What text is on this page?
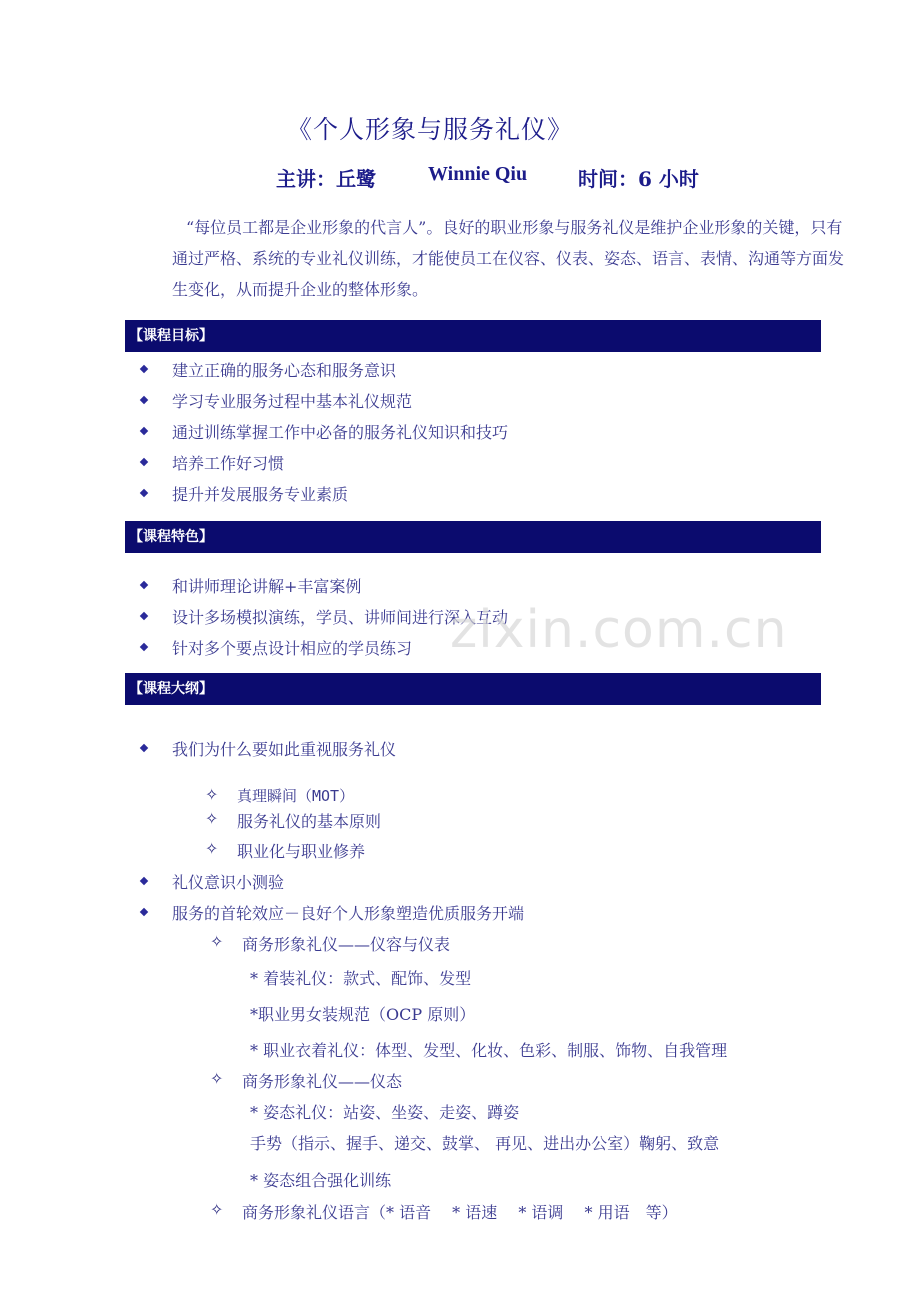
《个人形象与服务礼仪》
主讲：丘鹭	Winnie Qiu	时间：6 小时

“每位员工都是企业形象的代言人”。良好的职业形象与服务礼仪是维护企业形象的关键，只有通过严格、系统的专业礼仪训练，才能使员工在仪容、仪表、姿态、语言、表情、沟通等方面发生变化，从而提升企业的整体形象。

【课程目标】
建立正确的服务心态和服务意识
学习专业服务过程中基本礼仪规范
通过训练掌握工作中必备的服务礼仪知识和技巧
培养工作好习惯
提升并发展服务专业素质
【课程特色】
和讲师理论讲解+丰富案例
设计多场模拟演练，学员、讲师间进行深入互动
针对多个要点设计相应的学员练习 zixin.com.cn
【课程大纲】
我们为什么要如此重视服务礼仪
✧ 真理瞬间（MOT）
✧ 服务礼仪的基本原则
✧ 职业化与职业修养
礼仪意识小测验
服务的首轮效应－良好个人形象塑造优质服务开端
✧ 商务形象礼仪——仪容与仪表
* 着装礼仪：款式、配饰、发型
*职业男女装规范（OCP 原则）
* 职业衣着礼仪：体型、发型、化妆、色彩、制服、饰物、自我管理
✧ 商务形象礼仪——仪态
* 姿态礼仪：站姿、坐姿、走姿、蹲姿
手势（指示、握手、递交、鼓掌、 再见、进出办公室）鞠躬、致意
* 姿态组合强化训练
✧ 商务形象礼仪语言（* 语音　 * 语速　 * 语调　 * 用语　等）
